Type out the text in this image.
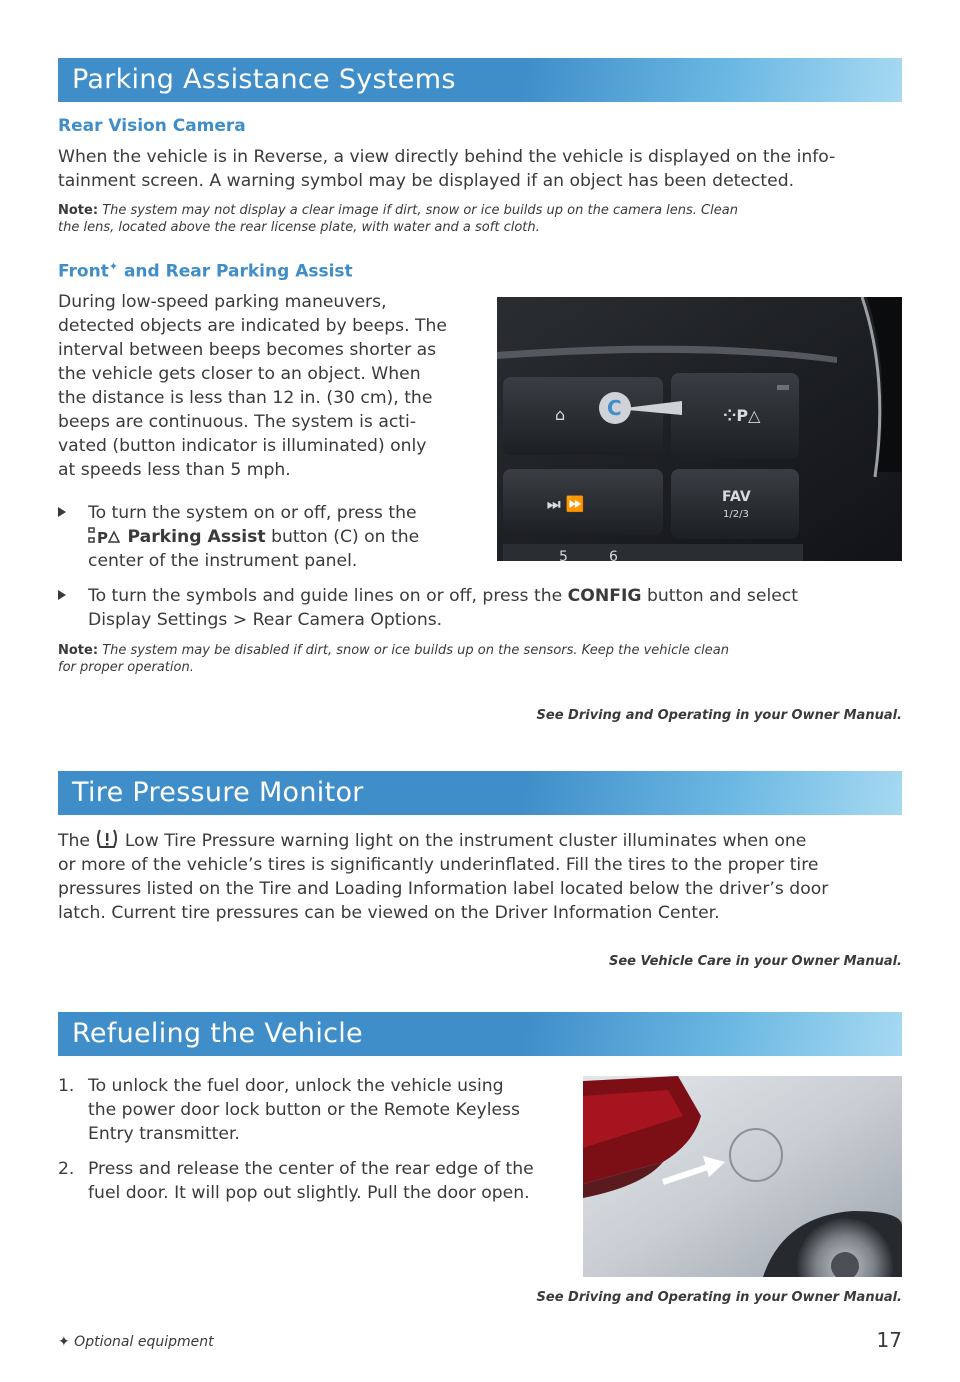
Parking Assistance Systems
Rear Vision Camera
When the vehicle is in Reverse, a view directly behind the vehicle is displayed on the info-
tainment screen. A warning symbol may be displayed if an object has been detected.
Note: The system may not display a clear image if dirt, snow or ice builds up on the camera lens. Clean
the lens, located above the rear license plate, with water and a soft cloth.
Front✦ and Rear Parking Assist
During low-speed parking maneuvers,
detected objects are indicated by beeps. The
interval between beeps becomes shorter as
the vehicle gets closer to an object. When
the distance is less than 12 in. (30 cm), the
beeps are continuous. The system is acti-
vated (button indicator is illuminated) only
at speeds less than 5 mph.
To turn the system on or off, press the
P Parking Assist button (C) on the
center of the instrument panel.
⌂	⁘P△
C
⏭ ⏩	FAV
1/2/3
5	6
To turn the symbols and guide lines on or off, press the CONFIG button and select
Display Settings > Rear Camera Options.
Note: The system may be disabled if dirt, snow or ice builds up on the sensors. Keep the vehicle clean
for proper operation.
See Driving and Operating in your Owner Manual.
Tire Pressure Monitor
The  Low Tire Pressure warning light on the instrument cluster illuminates when one
or more of the vehicle’s tires is significantly underinflated. Fill the tires to the proper tire
pressures listed on the Tire and Loading Information label located below the driver’s door
latch. Current tire pressures can be viewed on the Driver Information Center.
See Vehicle Care in your Owner Manual.
Refueling the Vehicle
1. To unlock the fuel door, unlock the vehicle using
the power door lock button or the Remote Keyless
Entry transmitter.
2. Press and release the center of the rear edge of the
fuel door. It will pop out slightly. Pull the door open.
See Driving and Operating in your Owner Manual.
✦ Optional equipment	17
